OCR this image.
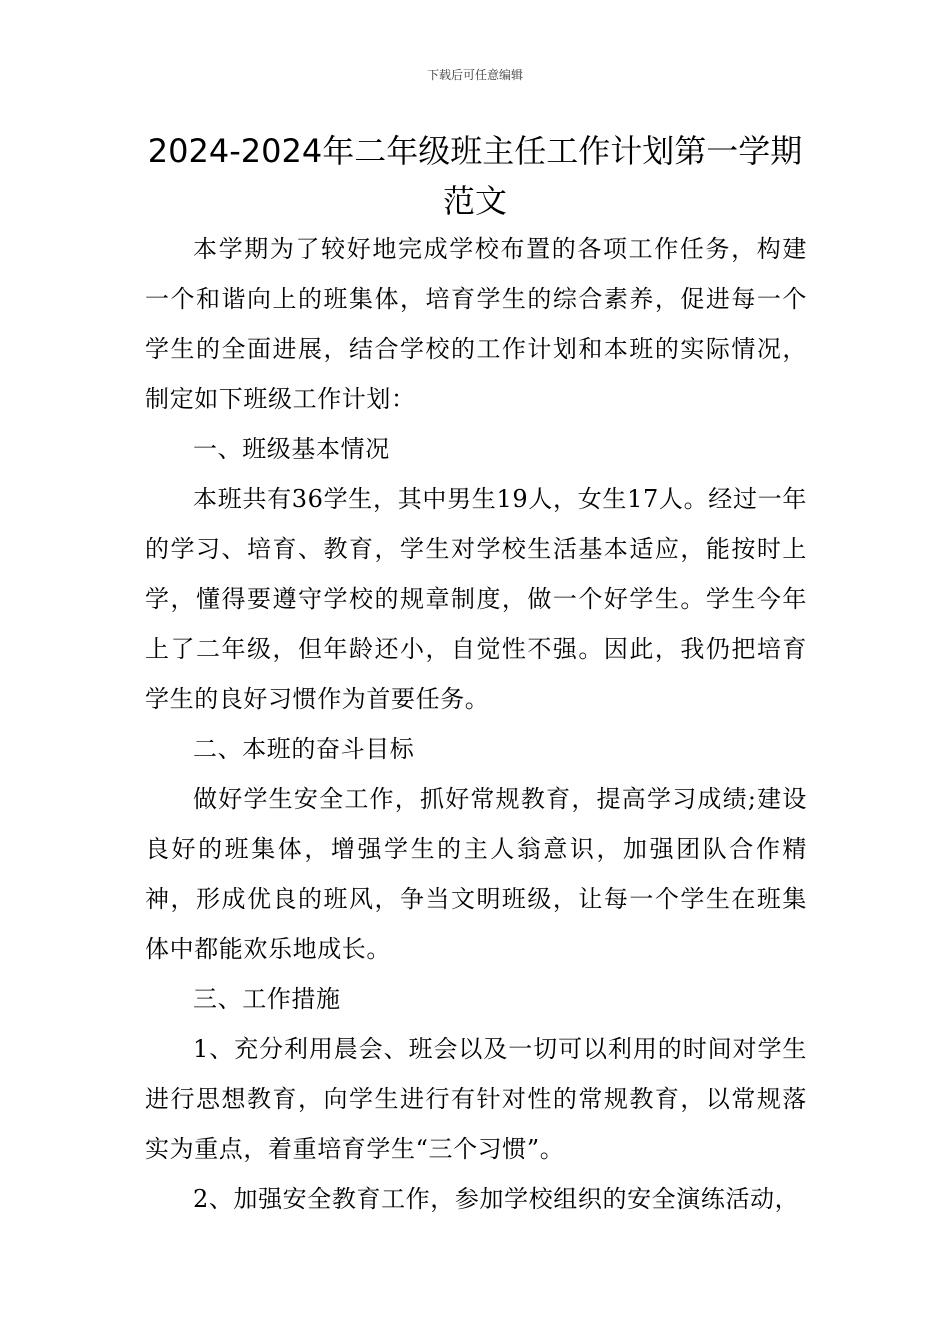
下载后可任意编辑
2024-2024年二年级班主任工作计划第一学期范文

本学期为了较好地完成学校布置的各项工作任务，构建一个和谐向上的班集体，培育学生的综合素养，促进每一个学生的全面进展，结合学校的工作计划和本班的实际情况，制定如下班级工作计划：

一、班级基本情况

本班共有36学生，其中男生19人，女生17人。经过一年的学习、培育、教育，学生对学校生活基本适应，能按时上学，懂得要遵守学校的规章制度，做一个好学生。学生今年上了二年级，但年龄还小，自觉性不强。因此，我仍把培育学生的良好习惯作为首要任务。

二、本班的奋斗目标

做好学生安全工作，抓好常规教育，提高学习成绩;建设良好的班集体，增强学生的主人翁意识，加强团队合作精神，形成优良的班风，争当文明班级，让每一个学生在班集体中都能欢乐地成长。

三、工作措施

1、充分利用晨会、班会以及一切可以利用的时间对学生进行思想教育，向学生进行有针对性的常规教育，以常规落实为重点，着重培育学生“三个习惯”。

2、加强安全教育工作，参加学校组织的安全演练活动，
